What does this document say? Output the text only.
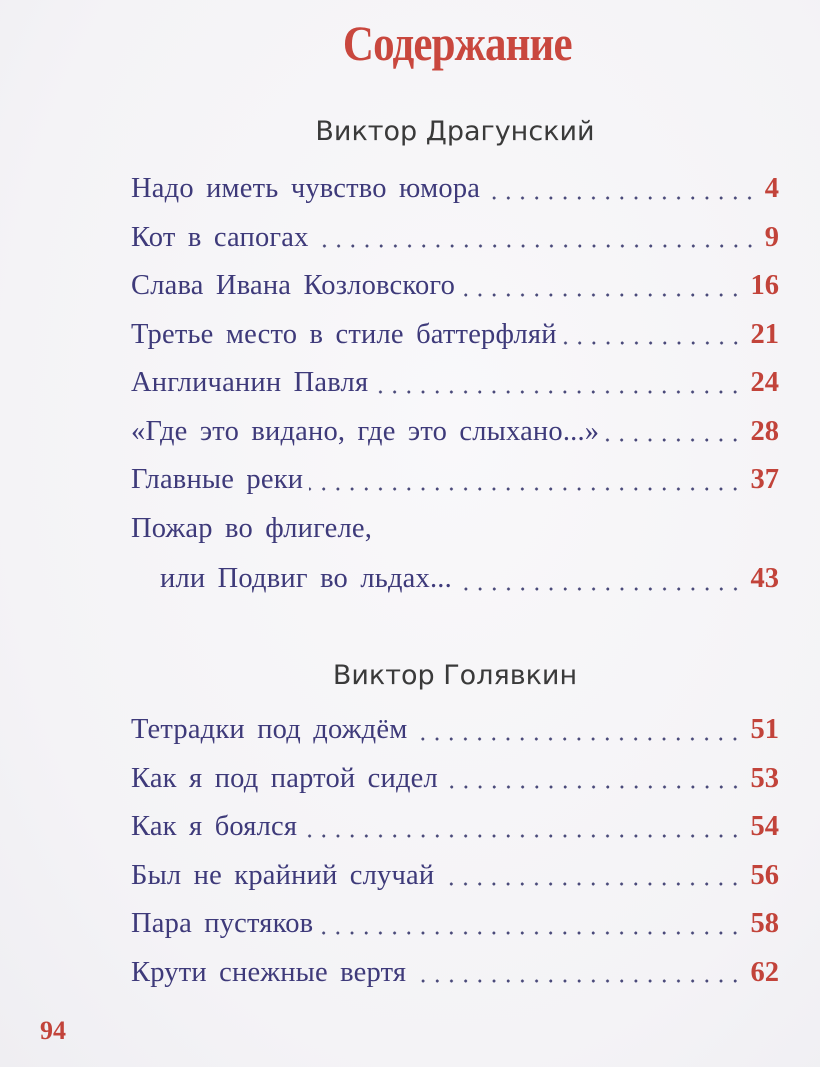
Содержание
Виктор Драгунский
Надо иметь чувство юмора	4
Кот в сапогах	9
Слава Ивана Козловского	16
Третье место в стиле баттерфляй	21
Англичанин Павля	24
«Где это видано, где это слыхано...»	28
Главные реки	37
Пожар во флигеле,
или Подвиг во льдах...	43
Виктор Голявкин
Тетрадки под дождём	51
Как я под партой сидел	53
Как я боялся	54
Был не крайний случай	56
Пара пустяков	58
Крути снежные вертя	62
94
